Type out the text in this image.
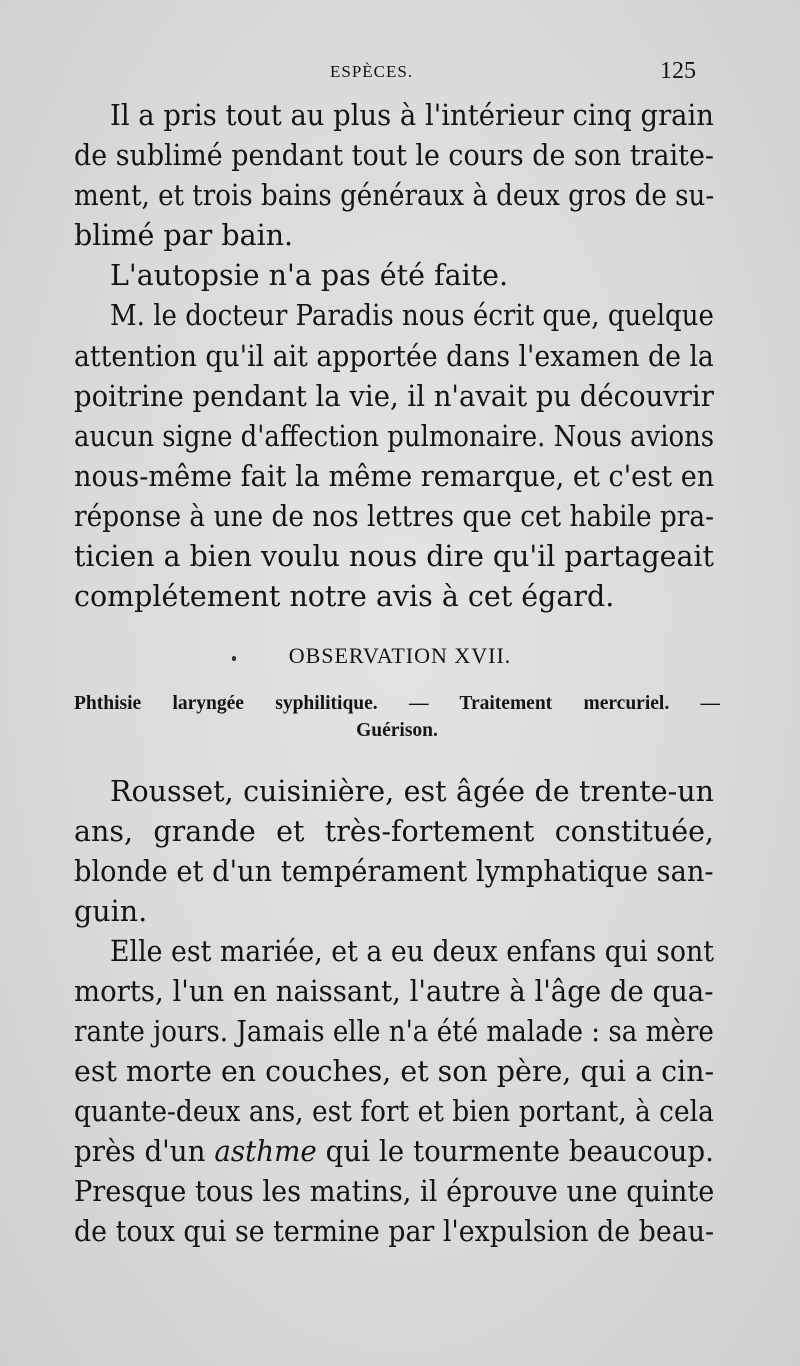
ESPÈCES.	125
Il a pris tout au plus à l'intérieur cinq grain
de sublimé pendant tout le cours de son traite-
ment, et trois bains généraux à deux gros de su-
blimé par bain.
L'autopsie n'a pas été faite.
M. le docteur Paradis nous écrit que, quelque
attention qu'il ait apportée dans l'examen de la
poitrine pendant la vie, il n'avait pu découvrir
aucun signe d'affection pulmonaire. Nous avions
nous-même fait la même remarque, et c'est en
réponse à une de nos lettres que cet habile pra-
ticien a bien voulu nous dire qu'il partageait
complétement notre avis à cet égard.
OBSERVATION XVII.
Phthisie laryngée syphilitique. — Traitement mercuriel. —
Guérison.
Rousset, cuisinière, est âgée de trente-un
ans, grande et très-fortement constituée,
blonde et d'un tempérament lymphatique san-
guin.
Elle est mariée, et a eu deux enfans qui sont
morts, l'un en naissant, l'autre à l'âge de qua-
rante jours. Jamais elle n'a été malade : sa mère
est morte en couches, et son père, qui a cin-
quante-deux ans, est fort et bien portant, à cela
près d'un asthme qui le tourmente beaucoup.
Presque tous les matins, il éprouve une quinte
de toux qui se termine par l'expulsion de beau-
